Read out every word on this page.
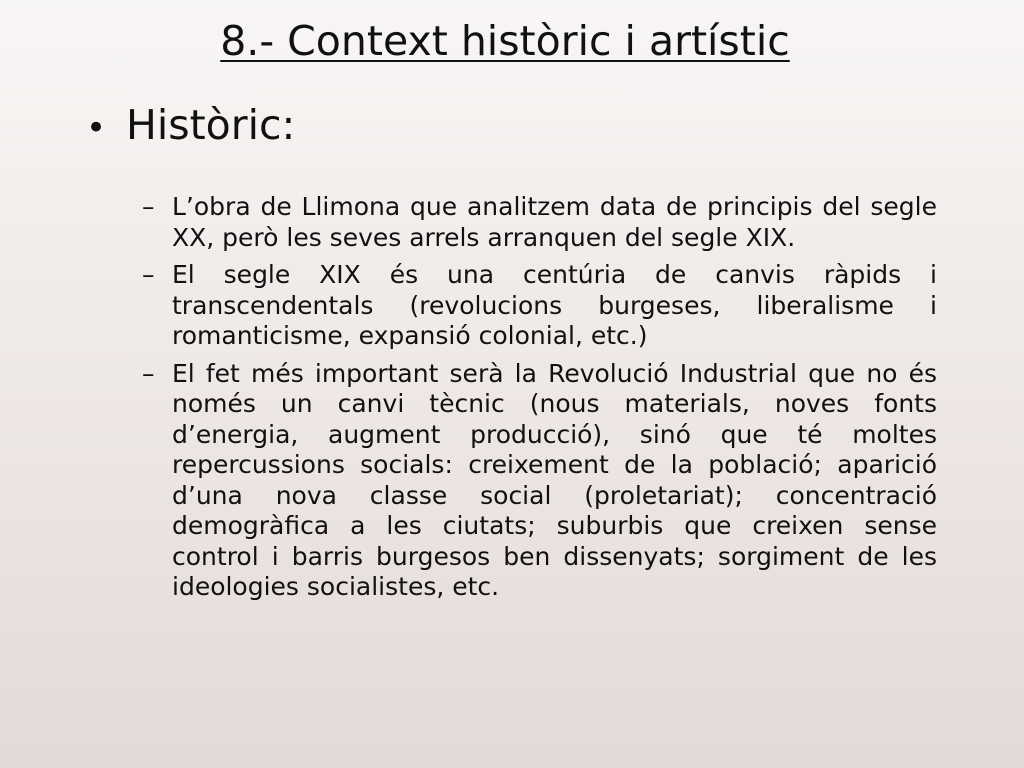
8.- Context històric i artístic
• Històric:
– L’obra de Llimona que analitzem data de principis del segle XX, però les seves arrels arranquen del segle XIX.
– El segle XIX és una centúria de canvis ràpids i transcendentals (revolucions burgeses, liberalisme i romanticisme, expansió colonial, etc.)
– El fet més important serà la Revolució Industrial que no és només un canvi tècnic (nous materials, noves fonts d’energia, augment producció), sinó que té moltes repercussions socials: creixement de la població; aparició d’una nova classe social (proletariat); concentració demogràfica a les ciutats; suburbis que creixen sense control i barris burgesos ben dissenyats; sorgiment de les ideologies socialistes, etc.
